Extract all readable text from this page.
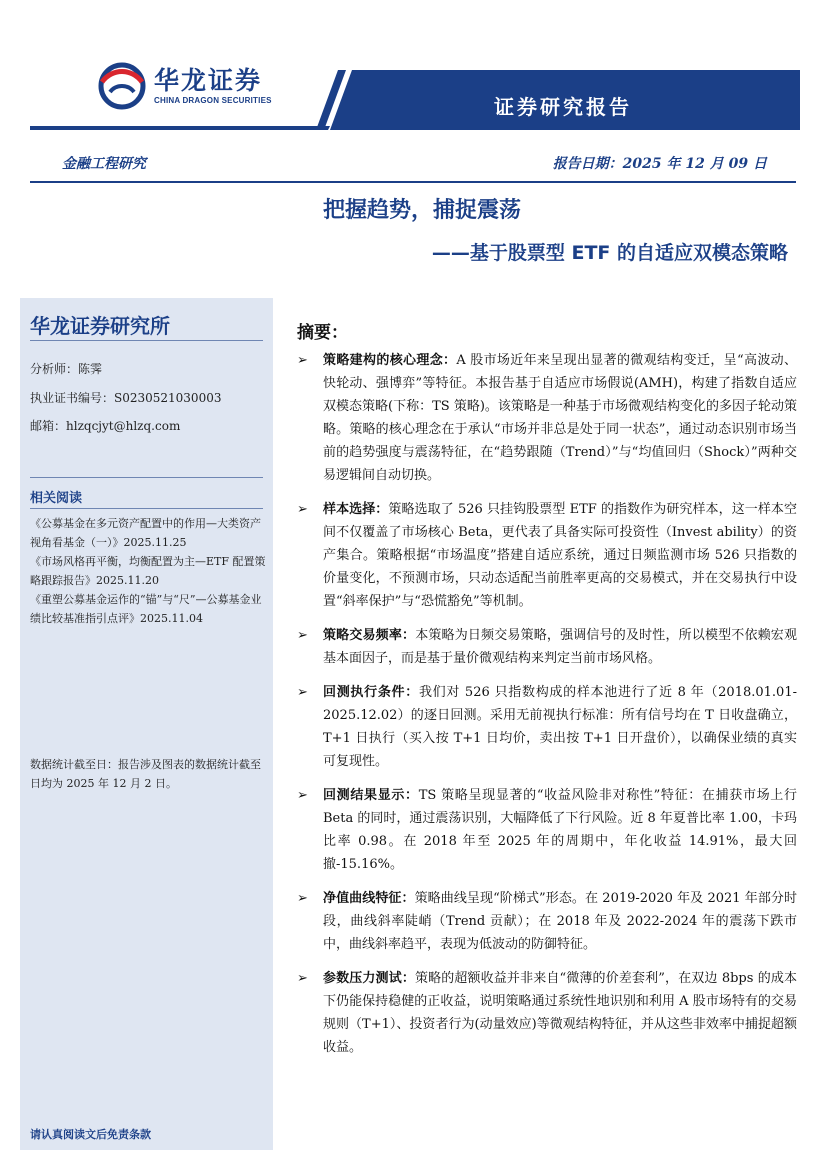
华龙证券
CHINA DRAGON SECURITIES	证券研究报告
金融工程研究	报告日期：2025 年 12 月 09 日
把握趋势，捕捉震荡
——基于股票型 ETF 的自适应双模态策略
华龙证券研究所
分析师：陈霁
执业证书编号：S0230521030003
邮箱：hlzqcjyt@hlzq.com
相关阅读
《公募基金在多元资产配置中的作用—大类资产视角看基金（一）》2025.11.25
《市场风格再平衡，均衡配置为主—ETF 配置策略跟踪报告》2025.11.20
《重塑公募基金运作的“锚”与“尺”—公募基金业绩比较基准指引点评》2025.11.04
数据统计截至日：报告涉及图表的数据统计截至日均为 2025 年 12 月 2 日。
请认真阅读文后免责条款
摘要：
➢	策略建构的核心理念：A 股市场近年来呈现出显著的微观结构变迁，呈“高波动、快轮动、强博弈”等特征。本报告基于自适应市场假说(AMH)，构建了指数自适应双模态策略(下称：TS 策略)。该策略是一种基于市场微观结构变化的多因子轮动策略。策略的核心理念在于承认“市场并非总是处于同一状态”，通过动态识别市场当前的趋势强度与震荡特征，在“趋势跟随（Trend）”与“均值回归（Shock）”两种交易逻辑间自动切换。
➢	样本选择：策略选取了 526 只挂钩股票型 ETF 的指数作为研究样本，这一样本空间不仅覆盖了市场核心 Beta，更代表了具备实际可投资性（Invest ability）的资产集合。策略根据“市场温度”搭建自适应系统，通过日频监测市场 526 只指数的价量变化，不预测市场，只动态适配当前胜率更高的交易模式，并在交易执行中设置“斜率保护”与“恐慌豁免”等机制。
➢	策略交易频率：本策略为日频交易策略，强调信号的及时性，所以模型不依赖宏观基本面因子，而是基于量价微观结构来判定当前市场风格。
➢	回测执行条件：我们对 526 只指数构成的样本池进行了近 8 年（2018.01.01-2025.12.02）的逐日回测。采用无前视执行标准：所有信号均在 T 日收盘确立，T+1 日执行（买入按 T+1 日均价，卖出按 T+1 日开盘价），以确保业绩的真实可复现性。
➢	回测结果显示：TS 策略呈现显著的“收益风险非对称性”特征：在捕获市场上行 Beta 的同时，通过震荡识别，大幅降低了下行风险。近 8 年夏普比率 1.00，卡玛比率 0.98。在 2018 年至 2025 年的周期中，年化收益 14.91%，最大回撤-15.16%。
➢	净值曲线特征：策略曲线呈现“阶梯式”形态。在 2019-2020 年及 2021 年部分时段，曲线斜率陡峭（Trend 贡献）；在 2018 年及 2022-2024 年的震荡下跌市中，曲线斜率趋平，表现为低波动的防御特征。
➢	参数压力测试：策略的超额收益并非来自“微薄的价差套利”，在双边 8bps 的成本下仍能保持稳健的正收益，说明策略通过系统性地识别和利用 A 股市场特有的交易规则（T+1）、投资者行为(动量效应)等微观结构特征，并从这些非效率中捕捉超额收益。
